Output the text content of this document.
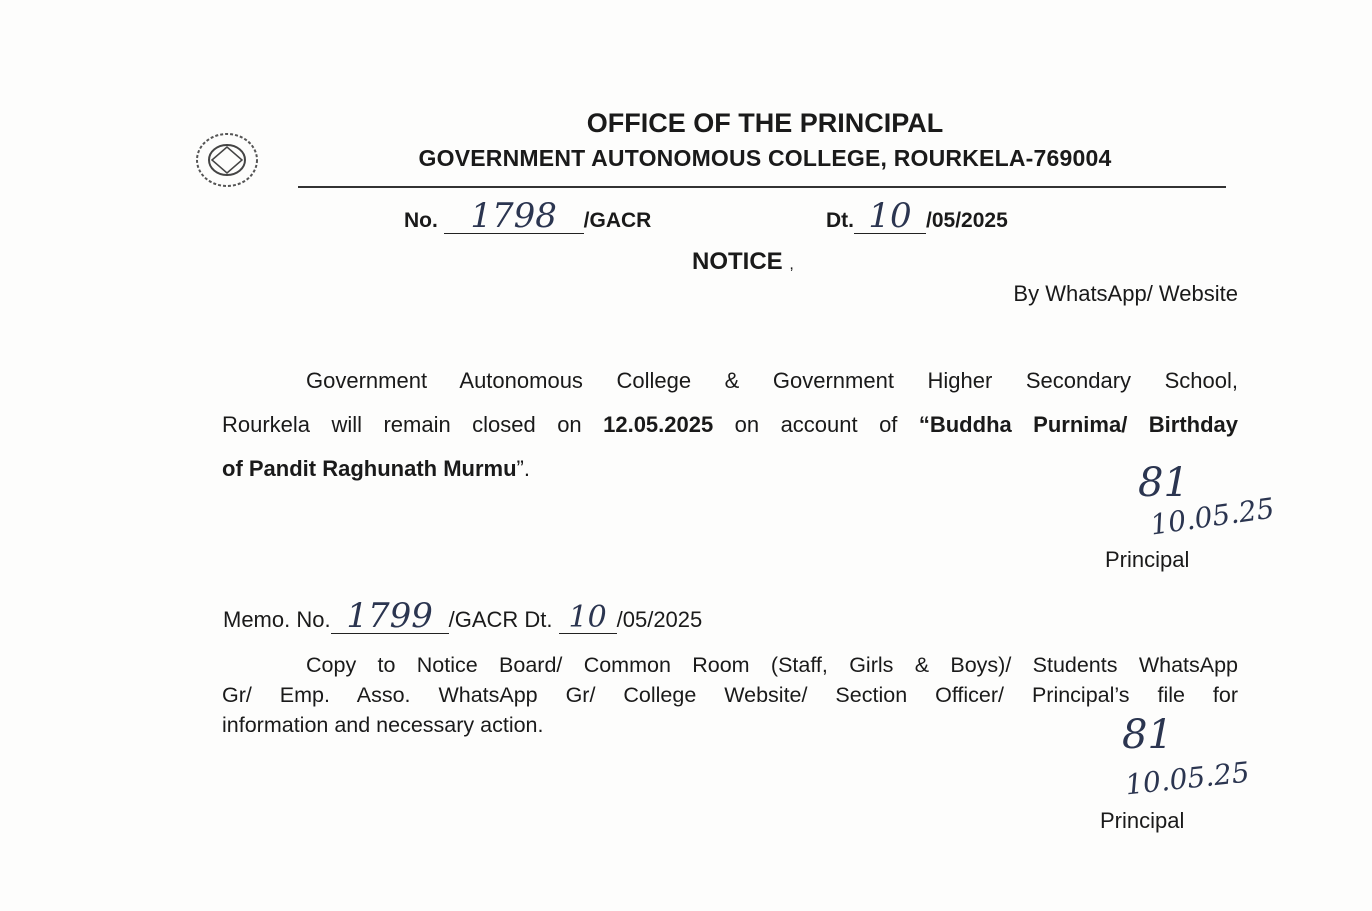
OFFICE OF THE PRINCIPAL
GOVERNMENT AUTONOMOUS COLLEGE, ROURKELA-769004
No. 1798 /GACR	Dt. 10 /05/2025
NOTICE ,
By WhatsApp/ Website
Government Autonomous College & Government Higher Secondary School,
Rourkela will remain closed on 12.05.2025 on account of “Buddha Purnima/ Birthday
of Pandit Raghunath Murmu”.	81
10.05.25
Principal
Memo. No. 1799 /GACR Dt. 10 /05/2025
Copy to Notice Board/ Common Room (Staff, Girls & Boys)/ Students WhatsApp
Gr/ Emp. Asso. WhatsApp Gr/ College Website/ Section Officer/ Principal’s file for
information and necessary action.	81
10.05.25
Principal
